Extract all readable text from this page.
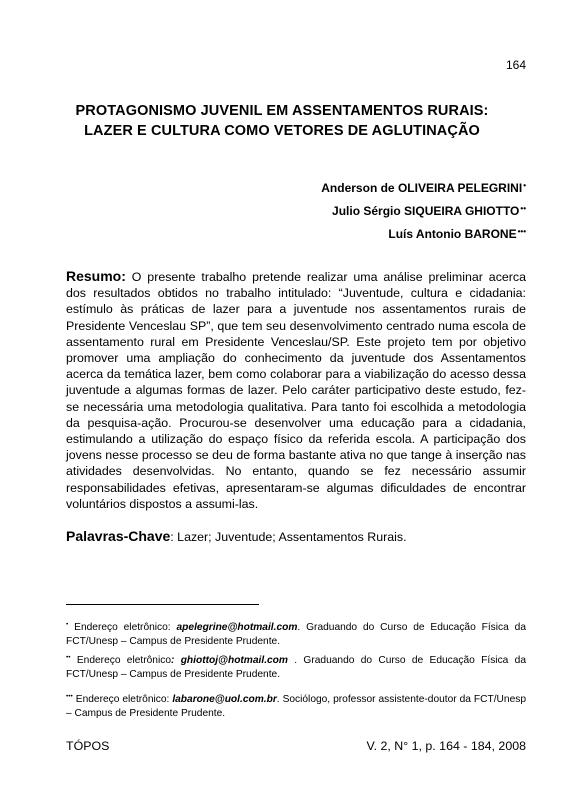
164
PROTAGONISMO JUVENIL EM ASSENTAMENTOS RURAIS:
LAZER E CULTURA COMO VETORES DE AGLUTINAÇÃO
Anderson de OLIVEIRA PELEGRINI•
Julio Sérgio SIQUEIRA GHIOTTO••
Luís Antonio BARONE•••
Resumo: O presente trabalho pretende realizar uma análise preliminar acerca dos resultados obtidos no trabalho intitulado: “Juventude, cultura e cidadania: estímulo às práticas de lazer para a juventude nos assentamentos rurais de Presidente Venceslau SP”, que tem seu desenvolvimento centrado numa escola de assentamento rural em Presidente Venceslau/SP. Este projeto tem por objetivo promover uma ampliação do conhecimento da juventude dos Assentamentos acerca da temática lazer, bem como colaborar para a viabilização do acesso dessa juventude a algumas formas de lazer. Pelo caráter participativo deste estudo, fez-se necessária uma metodologia qualitativa. Para tanto foi escolhida a metodologia da pesquisa-ação. Procurou-se desenvolver uma educação para a cidadania, estimulando a utilização do espaço físico da referida escola. A participação dos jovens nesse processo se deu de forma bastante ativa no que tange à inserção nas atividades desenvolvidas. No entanto, quando se fez necessário assumir responsabilidades efetivas, apresentaram-se algumas dificuldades de encontrar voluntários dispostos a assumi-las.
Palavras-Chave: Lazer; Juventude; Assentamentos Rurais.
• Endereço eletrônico: apelegrine@hotmail.com. Graduando do Curso de Educação Física da FCT/Unesp – Campus de Presidente Prudente.
•• Endereço eletrônico: ghiottoj@hotmail.com . Graduando do Curso de Educação Física da FCT/Unesp – Campus de Presidente Prudente.
••• Endereço eletrônico: labarone@uol.com.br. Sociólogo, professor assistente-doutor da FCT/Unesp – Campus de Presidente Prudente.
TÓPOS	V. 2, N° 1, p. 164 - 184, 2008
